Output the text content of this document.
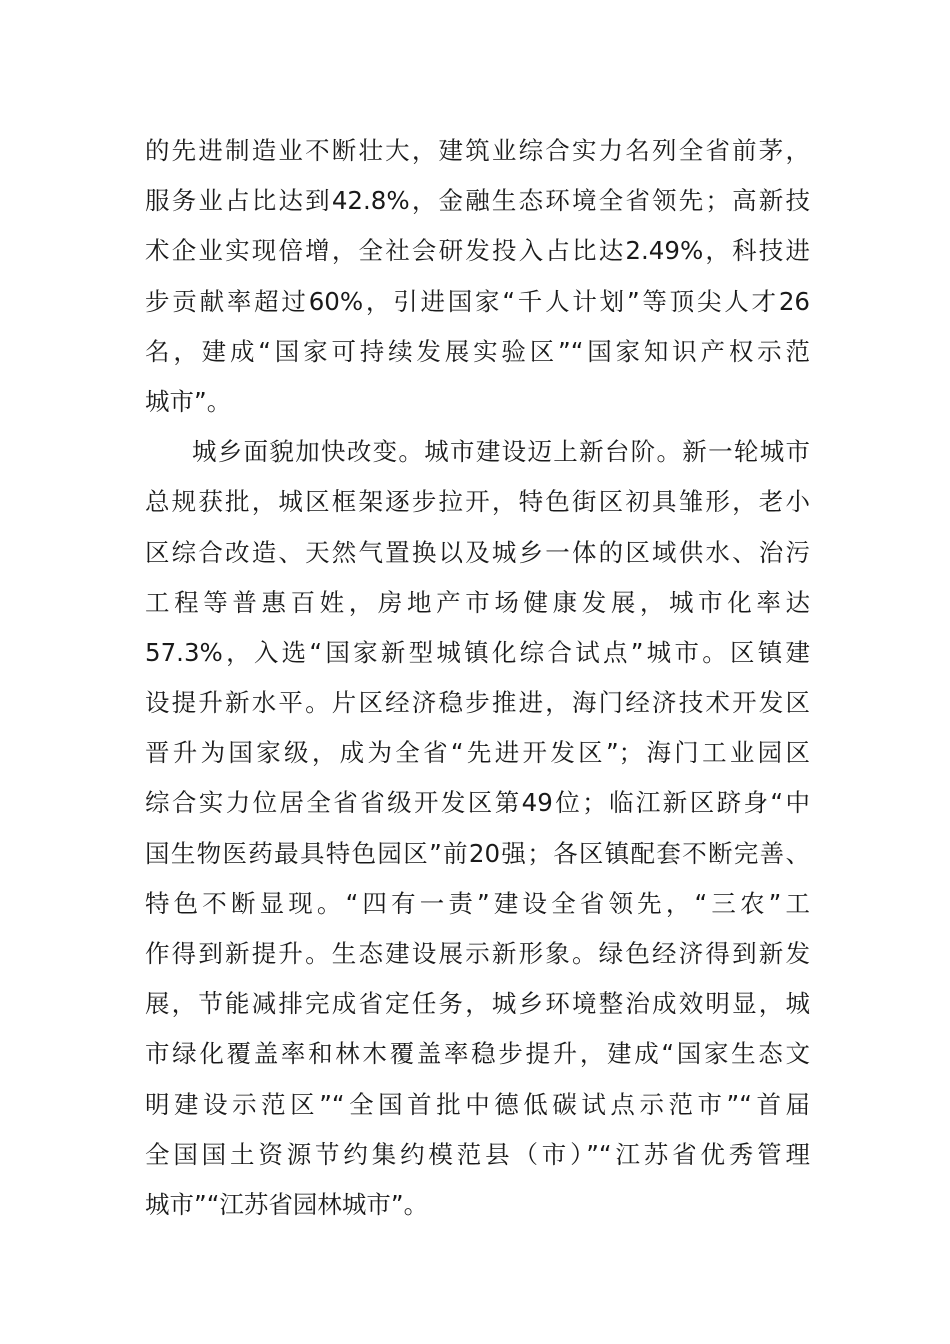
的先进制造业不断壮大，建筑业综合实力名列全省前茅，
服务业占比达到42.8%，金融生态环境全省领先；高新技
术企业实现倍增，全社会研发投入占比达2.49%，科技进
步贡献率超过60%，引进国家“千人计划”等顶尖人才26
名，建成“国家可持续发展实验区”“国家知识产权示范
城市”。
城乡面貌加快改变。城市建设迈上新台阶。新一轮城市
总规获批，城区框架逐步拉开，特色街区初具雏形，老小
区综合改造、天然气置换以及城乡一体的区域供水、治污
工程等普惠百姓，房地产市场健康发展，城市化率达
57.3%，入选“国家新型城镇化综合试点”城市。区镇建
设提升新水平。片区经济稳步推进，海门经济技术开发区
晋升为国家级，成为全省“先进开发区”；海门工业园区
综合实力位居全省省级开发区第49位；临江新区跻身“中
国生物医药最具特色园区”前20强；各区镇配套不断完善、
特色不断显现。“四有一责”建设全省领先，“三农”工
作得到新提升。生态建设展示新形象。绿色经济得到新发
展，节能减排完成省定任务，城乡环境整治成效明显，城
市绿化覆盖率和林木覆盖率稳步提升，建成“国家生态文
明建设示范区”“全国首批中德低碳试点示范市”“首届
全国国土资源节约集约模范县（市）”“江苏省优秀管理
城市”“江苏省园林城市”。
